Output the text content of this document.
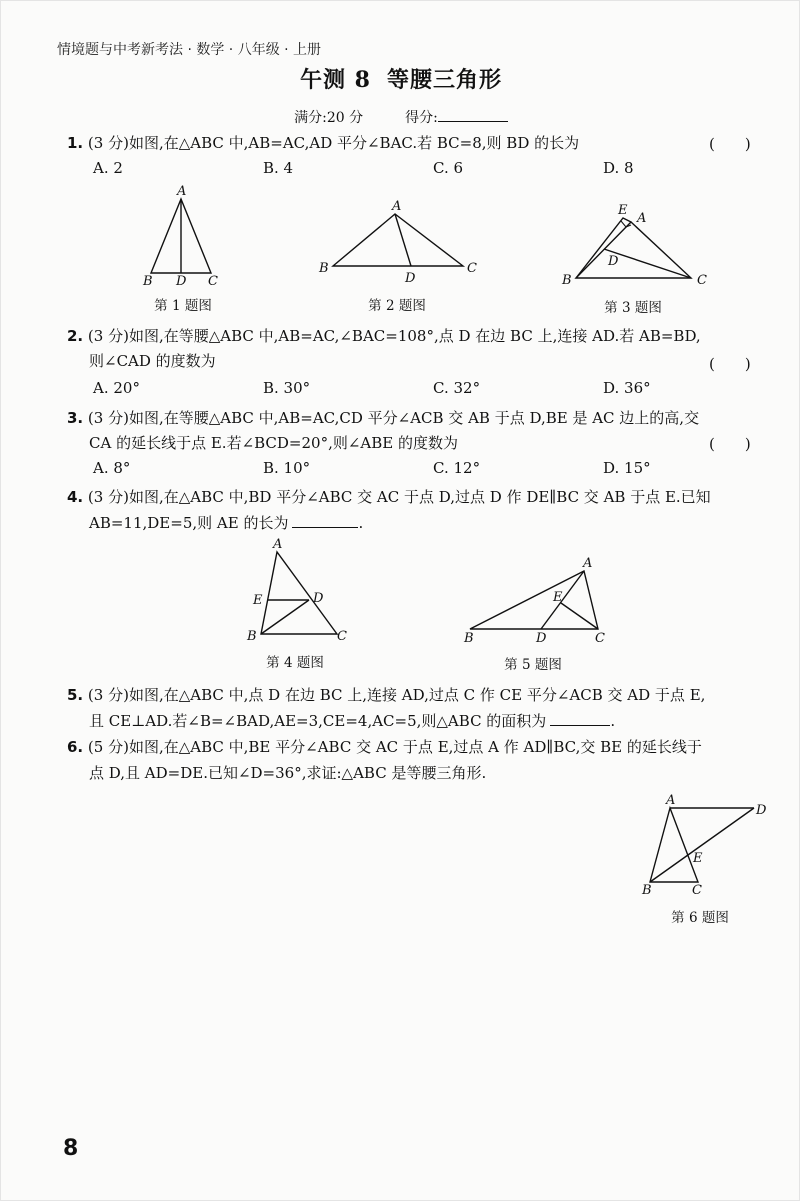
情境题与中考新考法 · 数学 · 八年级 · 上册
午测 8 等腰三角形
满分:20 分	得分:
1. (3 分)如图,在△ABC 中,AB=AC,AD 平分∠BAC.若 BC=8,则 BD 的长为	(　　)
A. 2	B. 4	C. 6	D. 8
A
B D C
第 1 题图
A
B
D
C
第 2 题图
E
A
D
B	C
第 3 题图
2. (3 分)如图,在等腰△ABC 中,AB=AC,∠BAC=108°,点 D 在边 BC 上,连接 AD.若 AB=BD,
则∠CAD 的度数为	(　　)
A. 20°	B. 30°	C. 32°	D. 36°
3. (3 分)如图,在等腰△ABC 中,AB=AC,CD 平分∠ACB 交 AB 于点 D,BE 是 AC 边上的高,交
CA 的延长线于点 E.若∠BCD=20°,则∠ABE 的度数为	(　　)
A. 8°	B. 10°	C. 12°	D. 15°
4. (3 分)如图,在△ABC 中,BD 平分∠ABC 交 AC 于点 D,过点 D 作 DE∥BC 交 AB 于点 E.已知
AB=11,DE=5,则 AE 的长为	.
A
E	D
B	C
第 4 题图
A
E
B	D	C
第 5 题图
5. (3 分)如图,在△ABC 中,点 D 在边 BC 上,连接 AD,过点 C 作 CE 平分∠ACB 交 AD 于点 E,
且 CE⊥AD.若∠B=∠BAD,AE=3,CE=4,AC=5,则△ABC 的面积为	.
6. (5 分)如图,在△ABC 中,BE 平分∠ABC 交 AC 于点 E,过点 A 作 AD∥BC,交 BE 的延长线于
点 D,且 AD=DE.已知∠D=36°,求证:△ABC 是等腰三角形.
A
D
E
B	C
第 6 题图
8
